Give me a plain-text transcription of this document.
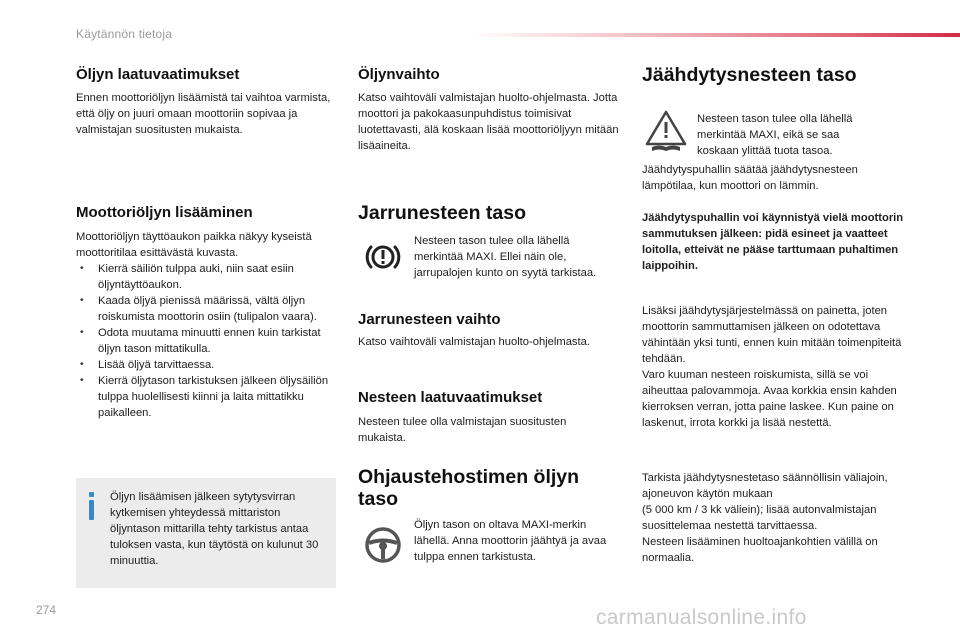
Käytännön tietoja
Öljyn laatuvaatimukset

Ennen moottoriöljyn lisäämistä tai vaihtoa varmista, että öljy on juuri omaan moottoriin sopivaa ja valmistajan suositusten mukaista.

Moottoriöljyn lisääminen

Moottoriöljyn täyttöaukon paikka näkyy kyseistä moottoritilaa esittävästä kuvasta.

• Kierrä säiliön tulppa auki, niin saat esiin öljyntäyttöaukon.
• Kaada öljyä pienissä määrissä, vältä öljyn roiskumista moottorin osiin (tulipalon vaara).
• Odota muutama minuutti ennen kuin tarkistat öljyn tason mittatikulla.
• Lisää öljyä tarvittaessa.
• Kierrä öljytason tarkistuksen jälkeen öljysäiliön tulppa huolellisesti kiinni ja laita mittatikku paikalleen.

Öljyn lisäämisen jälkeen sytytysvirran kytkemisen yhteydessä mittariston öljyntason mittarilla tehty tarkistus antaa tuloksen vasta, kun täytöstä on kulunut 30 minuuttia.

Öljynvaihto

Katso vaihtoväli valmistajan huolto-ohjelmasta. Jotta moottori ja pakokaasunpuhdistus toimisivat luotettavasti, älä koskaan lisää moottoriöljyyn mitään lisäaineita.

Jarrunesteen taso

Nesteen tason tulee olla lähellä merkintää MAXI. Ellei näin ole, jarrupalojen kunto on syytä tarkistaa.

Jarrunesteen vaihto

Katso vaihtoväli valmistajan huolto-ohjelmasta.

Nesteen laatuvaatimukset

Nesteen tulee olla valmistajan suositusten mukaista.

Ohjaustehostimen öljyn
taso

Öljyn tason on oltava MAXI-merkin lähellä. Anna moottorin jäähtyä ja avaa tulppa ennen tarkistusta.

Jäähdytysnesteen taso

Nesteen tason tulee olla lähellä merkintää MAXI, eikä se saa koskaan ylittää tuota tasoa.

Jäähdytyspuhallin säätää jäähdytysnesteen lämpötilaa, kun moottori on lämmin.

Jäähdytyspuhallin voi käynnistyä vielä moottorin sammutuksen jälkeen: pidä esineet ja vaatteet loitolla, etteivät ne pääse tarttumaan puhaltimen laippoihin.

Lisäksi jäähdytysjärjestelmässä on painetta, joten moottorin sammuttamisen jälkeen on odotettava vähintään yksi tunti, ennen kuin mitään toimenpiteitä tehdään.

Varo kuuman nesteen roiskumista, sillä se voi aiheuttaa palovammoja. Avaa korkkia ensin kahden kierroksen verran, jotta paine laskee. Kun paine on laskenut, irrota korkki ja lisää nestettä.

Tarkista jäähdytysnestetaso säännöllisin väliajoin, ajoneuvon käytön mukaan

(5 000 km / 3 kk väliein); lisää autonvalmistajan suosittelemaa nestettä tarvittaessa.

Nesteen lisääminen huoltoajankohtien välillä on normaalia.

274	carmanualsonline.info
